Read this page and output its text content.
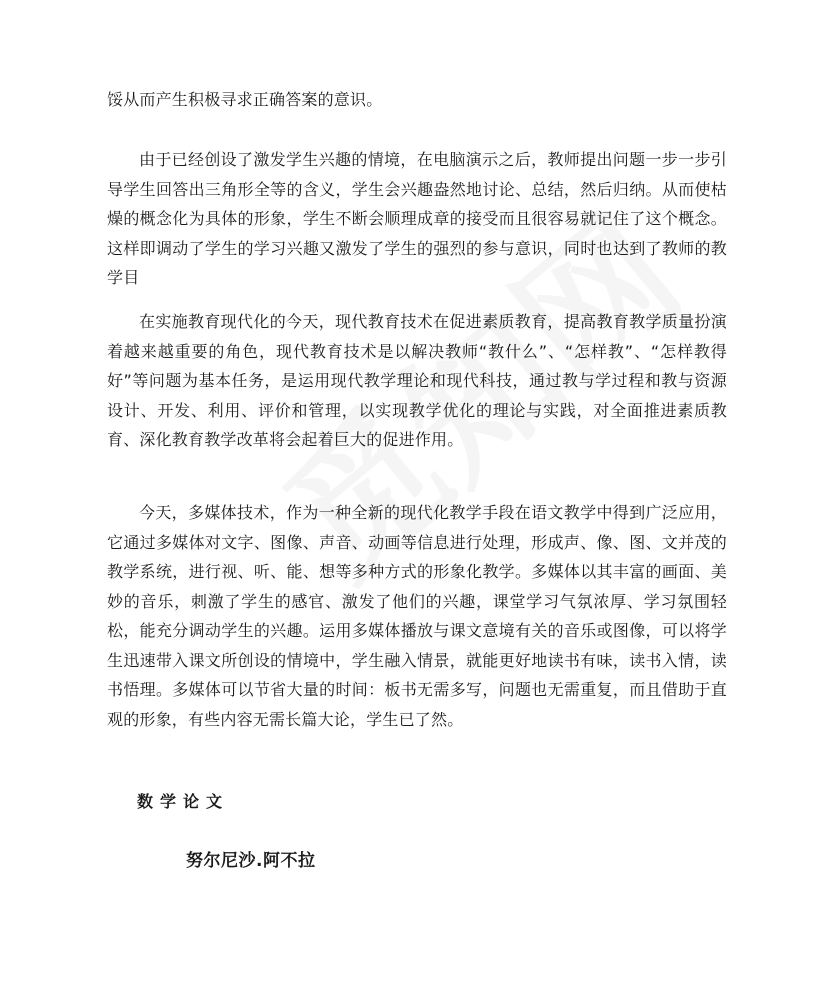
馁从而产生积极寻求正确答案的意识。

由于已经创设了激发学生兴趣的情境，在电脑演示之后，教师提出问题一步一步引导学生回答出三角形全等的含义，学生会兴趣盎然地讨论、总结，然后归纳。从而使枯燥的概念化为具体的形象，学生不断会顺理成章的接受而且很容易就记住了这个概念。这样即调动了学生的学习兴趣又激发了学生的强烈的参与意识，同时也达到了教师的教学目

在实施教育现代化的今天，现代教育技术在促进素质教育，提高教育教学质量扮演着越来越重要的角色，现代教育技术是以解决教师“教什么”、“怎样教”、“怎样教得好”等问题为基本任务，是运用现代教学理论和现代科技，通过教与学过程和教与资源设计、开发、利用、评价和管理，以实现教学优化的理论与实践，对全面推进素质教育、深化教育教学改革将会起着巨大的促进作用。

今天，多媒体技术，作为一种全新的现代化教学手段在语文教学中得到广泛应用，它通过多媒体对文字、图像、声音、动画等信息进行处理，形成声、像、图、文并茂的教学系统，进行视、听、能、想等多种方式的形象化教学。多媒体以其丰富的画面、美妙的音乐，刺激了学生的感官、激发了他们的兴趣，课堂学习气氛浓厚、学习氛围轻松，能充分调动学生的兴趣。运用多媒体播放与课文意境有关的音乐或图像，可以将学生迅速带入课文所创设的情境中，学生融入情景，就能更好地读书有味，读书入情，读书悟理。多媒体可以节省大量的时间：板书无需多写，问题也无需重复，而且借助于直观的形象，有些内容无需长篇大论，学生已了然。

数学论文
努尔尼沙.阿不拉
